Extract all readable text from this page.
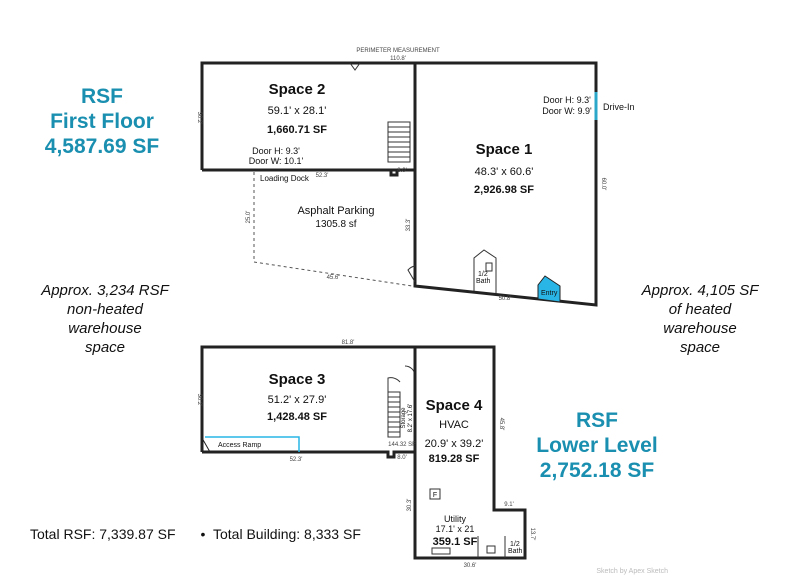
PERIMETER MEASUREMENT
110.8'
30.2'
60.0'
52.3'
8.0'
25.0'
33.3'
45.6'
50.8'
Space 2
59.1' x 28.1'
1,660.71 SF
Door H: 9.3'
Door W: 10.1'
Loading Dock
Asphalt Parking
1305.8 sf
Space 1
48.3' x 60.6'
2,926.98 SF
Door H: 9.3'
Door W: 9.9' Drive-In
1/2
Bath
Entry
81.8'
30.2'
52.3'	8.0'
45.8'
9.1'
30.3'
13.7'
30.6'
144.32 SF
Space 3
51.2' x 27.9'
1,428.48 SF
Access Ramp
Storage 8.2' x 17.6' Space 4
HVAC
20.9' x 39.2'
819.28 SF
F
Utility
17.1' x 21
359.1 SF	1/2
Bath
RSF
First Floor
4,587.69 SF
RSF
Lower Level
2,752.18 SF
Approx. 3,234 RSF
non-heated
warehouse
space
Approx. 4,105 SF
of heated
warehouse
space
Total RSF: 7,339.87 SF • Total Building: 8,333 SF
Sketch by Apex Sketch
